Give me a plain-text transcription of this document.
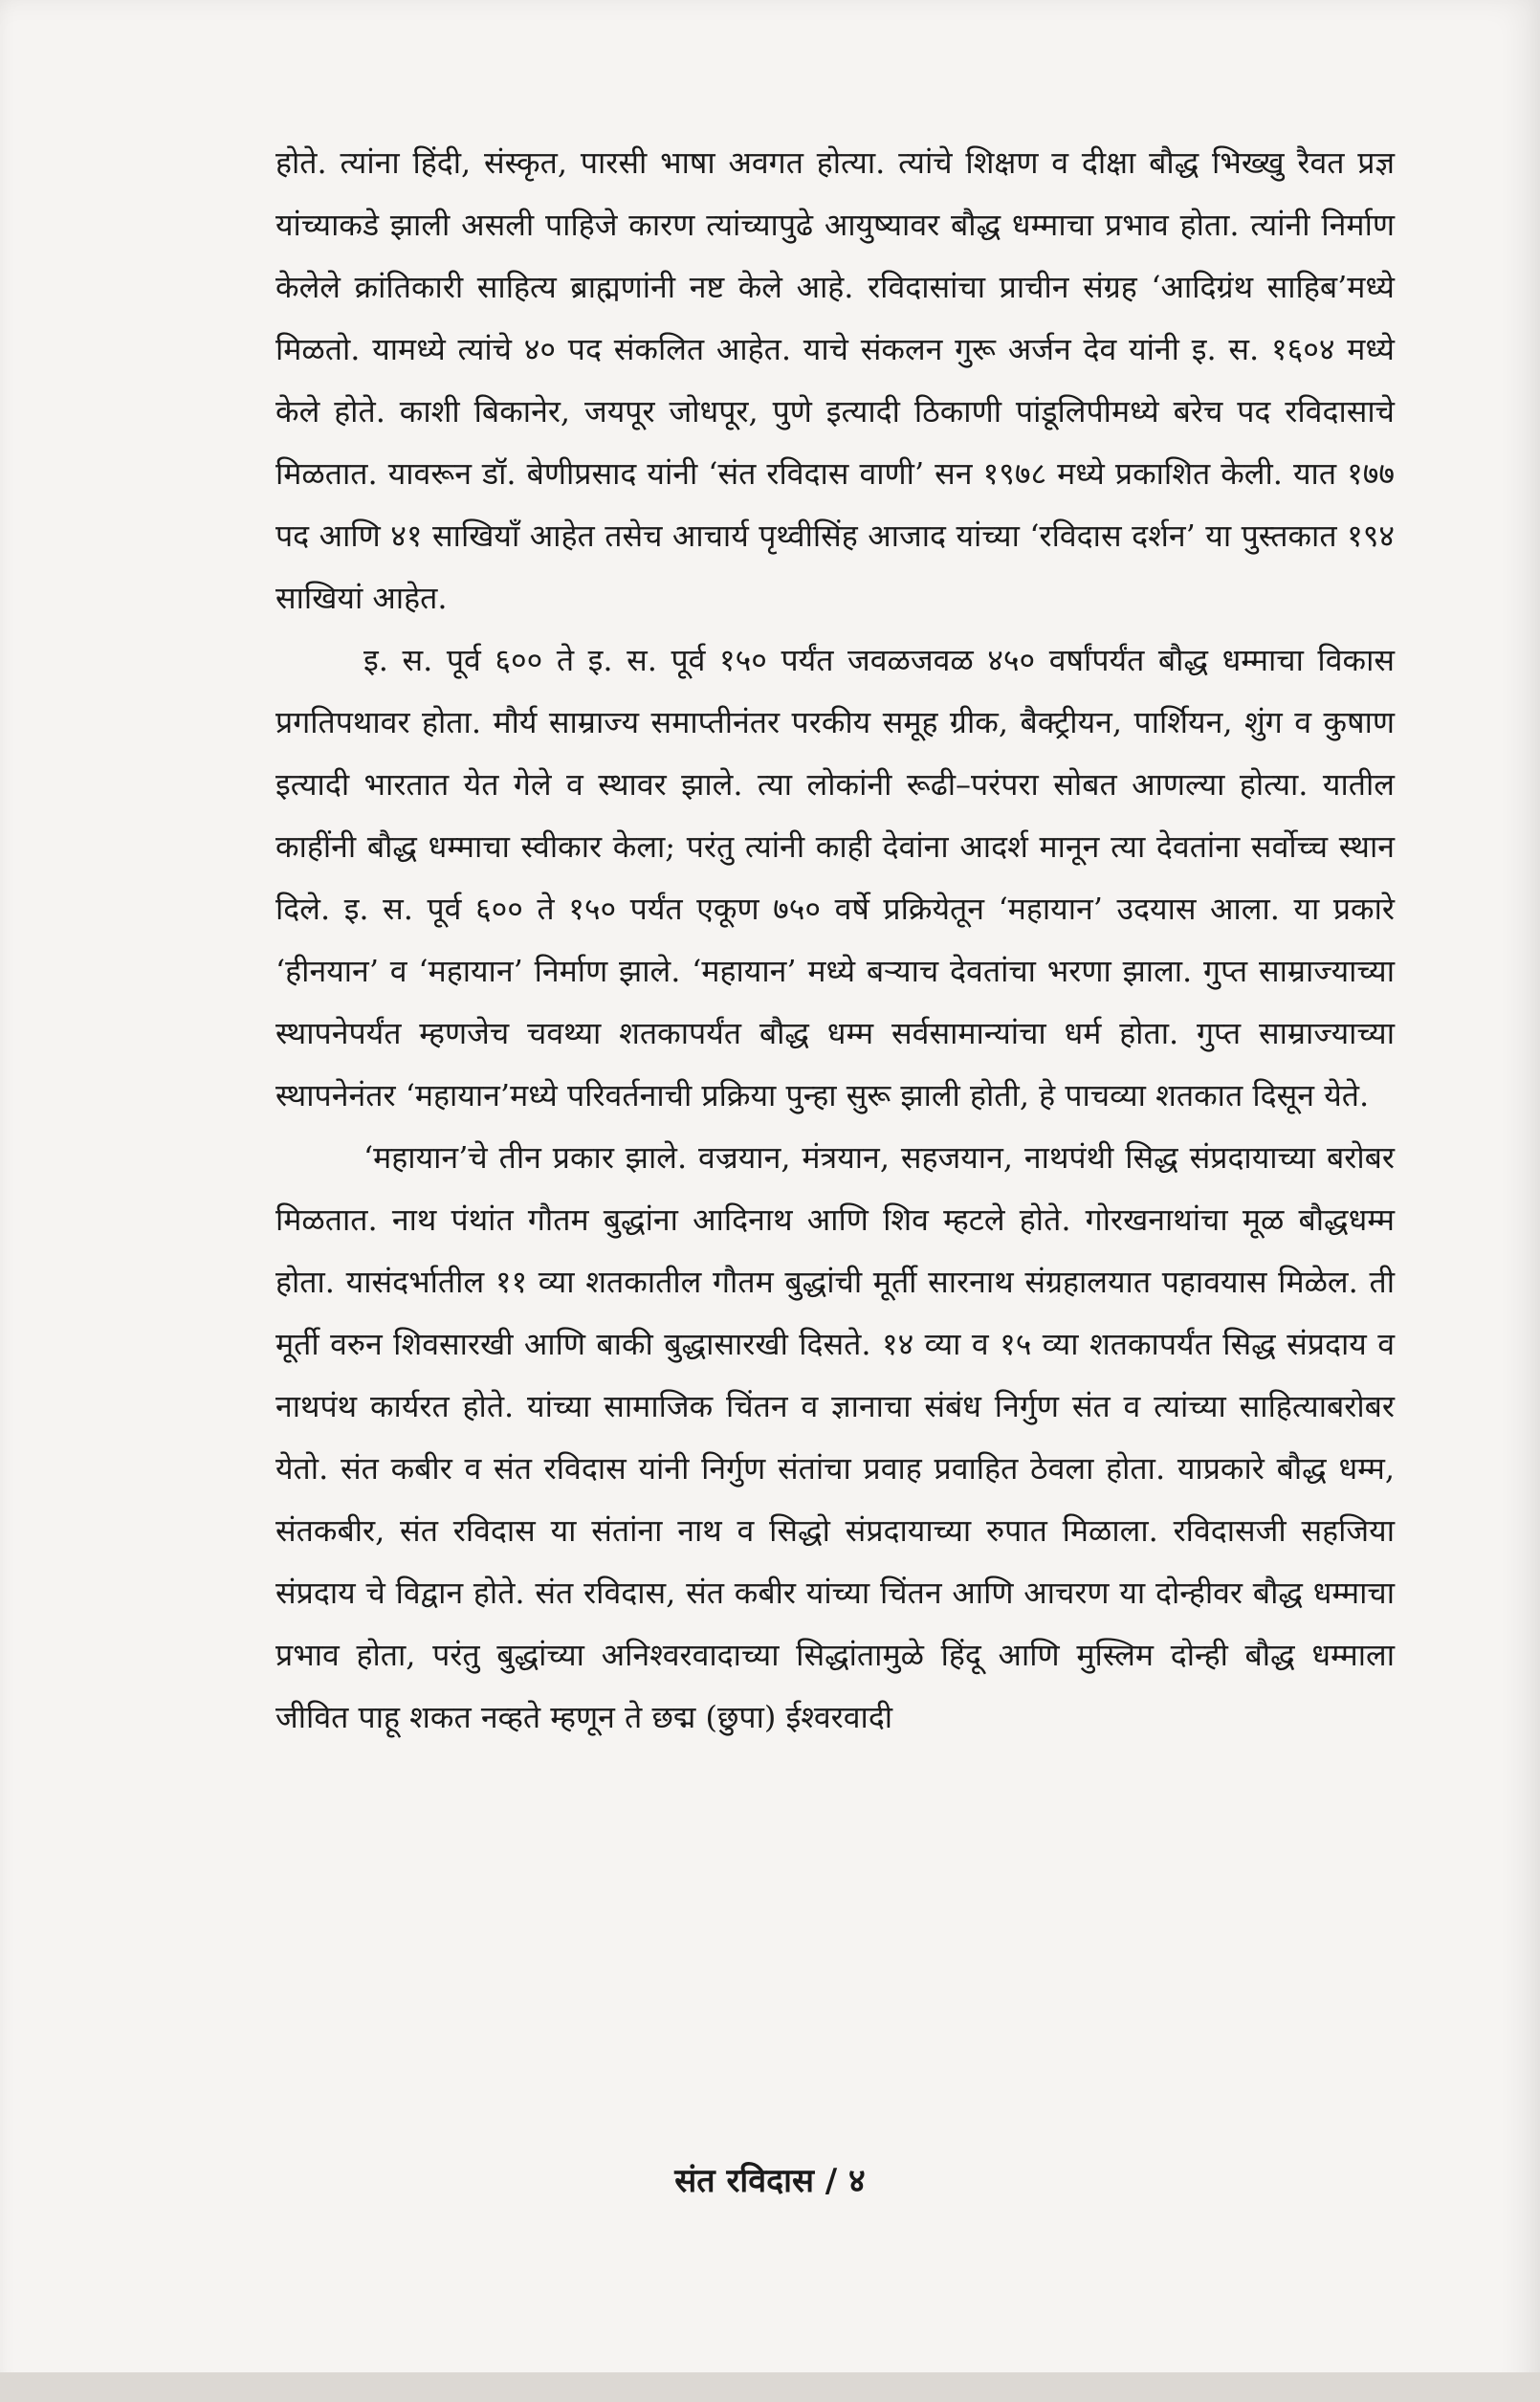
होते. त्यांना हिंदी, संस्कृत, पारसी भाषा अवगत होत्या. त्यांचे शिक्षण व दीक्षा बौद्ध भिख्खु रैवत प्रज्ञ यांच्याकडे झाली असली पाहिजे कारण त्यांच्यापुढे आयुष्यावर बौद्ध धम्माचा प्रभाव होता. त्यांनी निर्माण केलेले क्रांतिकारी साहित्य ब्राह्मणांनी नष्ट केले आहे. रविदासांचा प्राचीन संग्रह ‘आदिग्रंथ साहिब’मध्ये मिळतो. यामध्ये त्यांचे ४० पद संकलित आहेत. याचे संकलन गुरू अर्जन देव यांनी इ. स. १६०४ मध्ये केले होते. काशी बिकानेर, जयपूर जोधपूर, पुणे इत्यादी ठिकाणी पांडूलिपीमध्ये बरेच पद रविदासाचे मिळतात. यावरून डॉ. बेणीप्रसाद यांनी ‘संत रविदास वाणी’ सन १९७८ मध्ये प्रकाशित केली. यात १७७ पद आणि ४१ साखियाँ आहेत तसेच आचार्य पृथ्वीसिंह आजाद यांच्या ‘रविदास दर्शन’ या पुस्तकात १९४ साखियां आहेत.

इ. स. पूर्व ६०० ते इ. स. पूर्व १५० पर्यंत जवळजवळ ४५० वर्षांपर्यंत बौद्ध धम्माचा विकास प्रगतिपथावर होता. मौर्य साम्राज्य समाप्तीनंतर परकीय समूह ग्रीक, बैक्ट्रीयन, पार्शियन, शुंग व कुषाण इत्यादी भारतात येत गेले व स्थावर झाले. त्या लोकांनी रूढी–परंपरा सोबत आणल्या होत्या. यातील काहींनी बौद्ध धम्माचा स्वीकार केला; परंतु त्यांनी काही देवांना आदर्श मानून त्या देवतांना सर्वोच्च स्थान दिले. इ. स. पूर्व ६०० ते १५० पर्यंत एकूण ७५० वर्षे प्रक्रियेतून ‘महायान’ उदयास आला. या प्रकारे ‘हीनयान’ व ‘महायान’ निर्माण झाले. ‘महायान’ मध्ये बऱ्याच देवतांचा भरणा झाला. गुप्त साम्राज्याच्या स्थापनेपर्यंत म्हणजेच चवथ्या शतकापर्यंत बौद्ध धम्म सर्वसामान्यांचा धर्म होता. गुप्त साम्राज्याच्या स्थापनेनंतर ‘महायान’मध्ये परिवर्तनाची प्रक्रिया पुन्हा सुरू झाली होती, हे पाचव्या शतकात दिसून येते.

‘महायान’चे तीन प्रकार झाले. वज्रयान, मंत्रयान, सहजयान, नाथपंथी सिद्ध संप्रदायाच्या बरोबर मिळतात. नाथ पंथांत गौतम बुद्धांना आदिनाथ आणि शिव म्हटले होते. गोरखनाथांचा मूळ बौद्धधम्म होता. यासंदर्भातील ११ व्या शतकातील गौतम बुद्धांची मूर्ती सारनाथ संग्रहालयात पहावयास मिळेल. ती मूर्ती वरुन शिवसारखी आणि बाकी बुद्धासारखी दिसते. १४ व्या व १५ व्या शतकापर्यंत सिद्ध संप्रदाय व नाथपंथ कार्यरत होते. यांच्या सामाजिक चिंतन व ज्ञानाचा संबंध निर्गुण संत व त्यांच्या साहित्याबरोबर येतो. संत कबीर व संत रविदास यांनी निर्गुण संतांचा प्रवाह प्रवाहित ठेवला होता. याप्रकारे बौद्ध धम्म, संतकबीर, संत रविदास या संतांना नाथ व सिद्धो संप्रदायाच्या रुपात मिळाला. रविदासजी सहजिया संप्रदाय चे विद्वान होते. संत रविदास, संत कबीर यांच्या चिंतन आणि आचरण या दोन्हीवर बौद्ध धम्माचा प्रभाव होता, परंतु बुद्धांच्या अनिश्वरवादाच्या सिद्धांतामुळे हिंदू आणि मुस्लिम दोन्ही बौद्ध धम्माला जीवित पाहू शकत नव्हते म्हणून ते छद्म (छुपा) ईश्वरवादी

संत रविदास / ४
